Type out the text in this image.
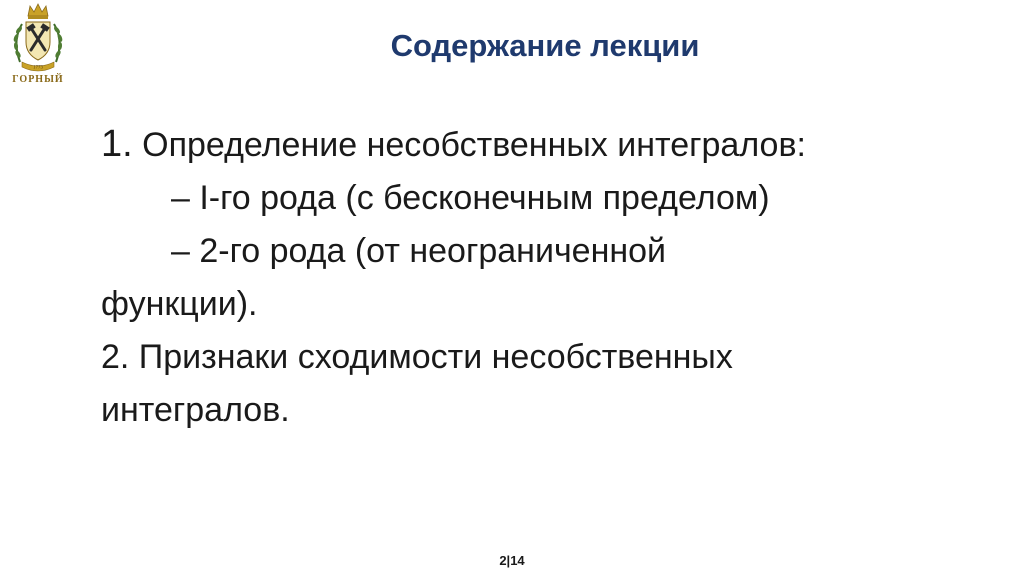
1773
ГОРНЫЙ
Содержание лекции
1. Определение несобственных интегралов:
– I-го рода (с бесконечным пределом)
– 2-го рода (от неограниченной
функции).
2. Признаки сходимости несобственных
интегралов.
2|14
